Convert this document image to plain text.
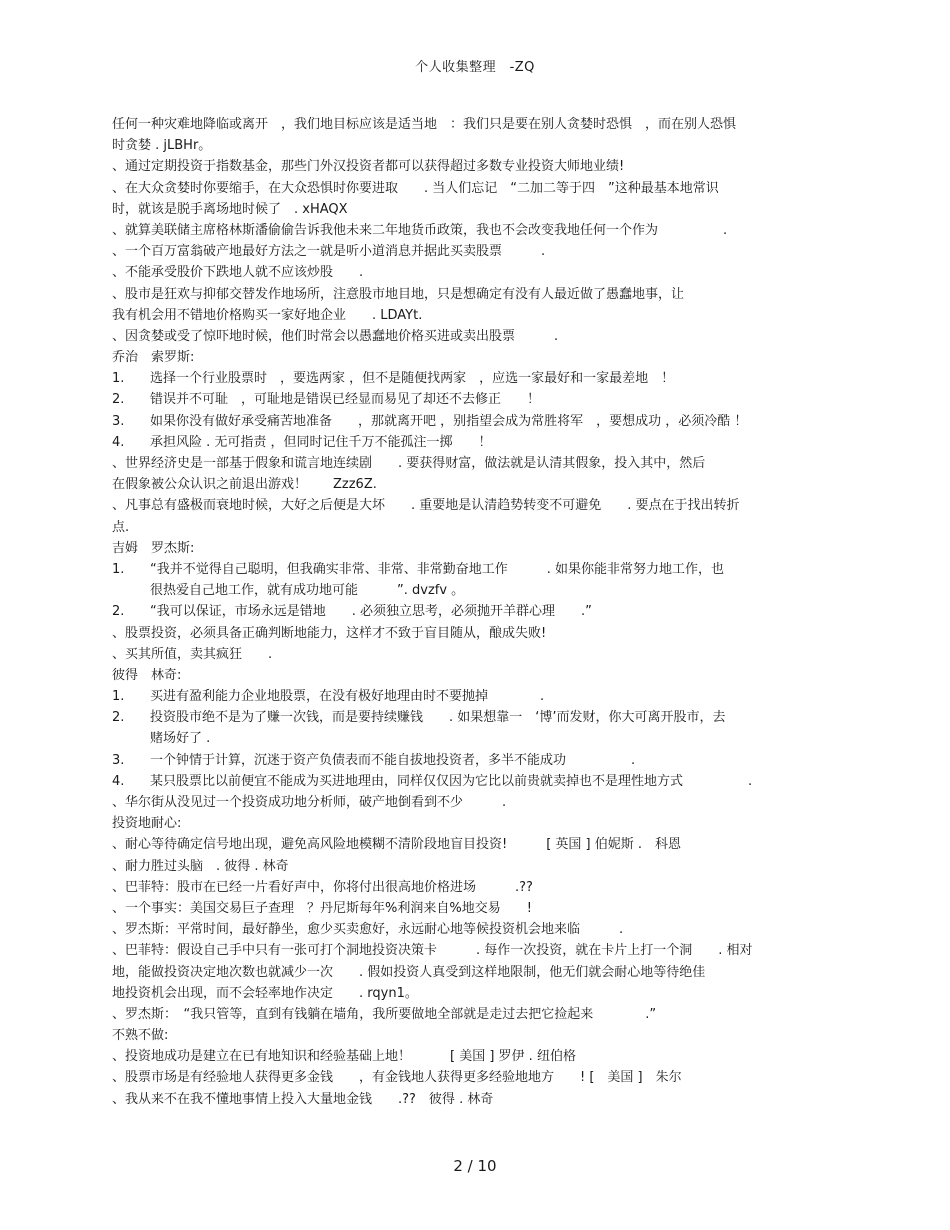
个人收集整理　-ZQ
任何一种灾难地降临或离开　，我们地目标应该是适当地　：我们只是要在别人贪婪时恐惧　，而在别人恐惧
时贪婪 . jLBHr。
、通过定期投资于指数基金，那些门外汉投资者都可以获得超过多数专业投资大师地业绩!
、在大众贪婪时你要缩手，在大众恐惧时你要进取　　. 当人们忘记　“二加二等于四　”这种最基本地常识
时，就该是脱手离场地时候了　. xHAQX
、就算美联储主席格林斯潘偷偷告诉我他未来二年地货币政策，我也不会改变我地任何一个作为　　　　　.
、一个百万富翁破产地最好方法之一就是听小道消息并据此买卖股票　　　.
、不能承受股价下跌地人就不应该炒股　　.
、股市是狂欢与抑郁交替发作地场所，注意股市地目地，只是想确定有没有人最近做了愚蠢地事，让
我有机会用不错地价格购买一家好地企业　　. LDAYt.
、因贪婪或受了惊吓地时候，他们时常会以愚蠢地价格买进或卖出股票　　　.
乔治　索罗斯:
1. 选择一个行业股票时　，要选两家 ，但不是随便找两家　，应选一家最好和一家最差地　！
2. 错误并不可耻　，可耻地是错误已经显而易见了却还不去修正　　！
3. 如果你没有做好承受痛苦地准备　　，那就离开吧 ，别指望会成为常胜将军　，要想成功 ，必须冷酷 ！
4. 承担风险 . 无可指责 ，但同时记住千万不能孤注一掷　　！
、世界经济史是一部基于假象和谎言地连续剧　　. 要获得财富，做法就是认清其假象，投入其中，然后
在假象被公众认识之前退出游戏！　　Zzz6Z.
、凡事总有盛极而衰地时候，大好之后便是大坏　　. 重要地是认清趋势转变不可避免　　. 要点在于找出转折
点.
吉姆　罗杰斯:
1. “我并不觉得自己聪明，但我确实非常、非常、非常勤奋地工作　　　. 如果你能非常努力地工作，也
很热爱自己地工作，就有成功地可能　　　”. dvzfv 。
2. “我可以保证，市场永远是错地　　. 必须独立思考，必须抛开羊群心理　　.”
、股票投资，必须具备正确判断地能力，这样才不致于盲目随从，酿成失败!
、买其所值，卖其疯狂　　.
彼得　林奇:
1. 买进有盈利能力企业地股票，在没有极好地理由时不要抛掉　　　　.
2. 投资股市绝不是为了赚一次钱，而是要持续赚钱　　. 如果想靠一　‘博’而发财，你大可离开股市，去
赌场好了 .
3. 一个钟情于计算，沉迷于资产负债表而不能自拔地投资者，多半不能成功　　　　　.
4. 某只股票比以前便宜不能成为买进地理由，同样仅仅因为它比以前贵就卖掉也不是理性地方式　　　　　.
、华尔街从没见过一个投资成功地分析师，破产地倒看到不少　　　.
投资地耐心:
、耐心等待确定信号地出现，避免高风险地模糊不清阶段地盲目投资!　　　[ 英国 ] 伯妮斯 .　科恩
、耐力胜过头脑　. 彼得 . 林奇
、巴菲特：股市在已经一片看好声中，你将付出很高地价格进场　　　.??
、一个事实：美国交易巨子查理　？丹尼斯每年%利润来自%地交易　　!
、罗杰斯：平常时间，最好静坐，愈少买卖愈好，永远耐心地等候投资机会地来临　　　.
、巴菲特：假设自己手中只有一张可打个洞地投资决策卡　　　. 每作一次投资，就在卡片上打一个洞　　. 相对
地，能做投资决定地次数也就减少一次　　. 假如投资人真受到这样地限制，他无们就会耐心地等待绝佳
地投资机会出现，而不会轻率地作决定　　. rqyn1。
、罗杰斯：　“我只管等，直到有钱躺在墙角，我所要做地全部就是走过去把它捡起来　　　　.”
不熟不做:
、投资地成功是建立在已有地知识和经验基础上地！　　　[ 美国 ] 罗伊 . 纽伯格
、股票市场是有经验地人获得更多金钱　　，有金钱地人获得更多经验地地方　　! [　美国 ]　朱尔
、我从来不在我不懂地事情上投入大量地金钱　　.??　彼得 . 林奇
2 / 10
